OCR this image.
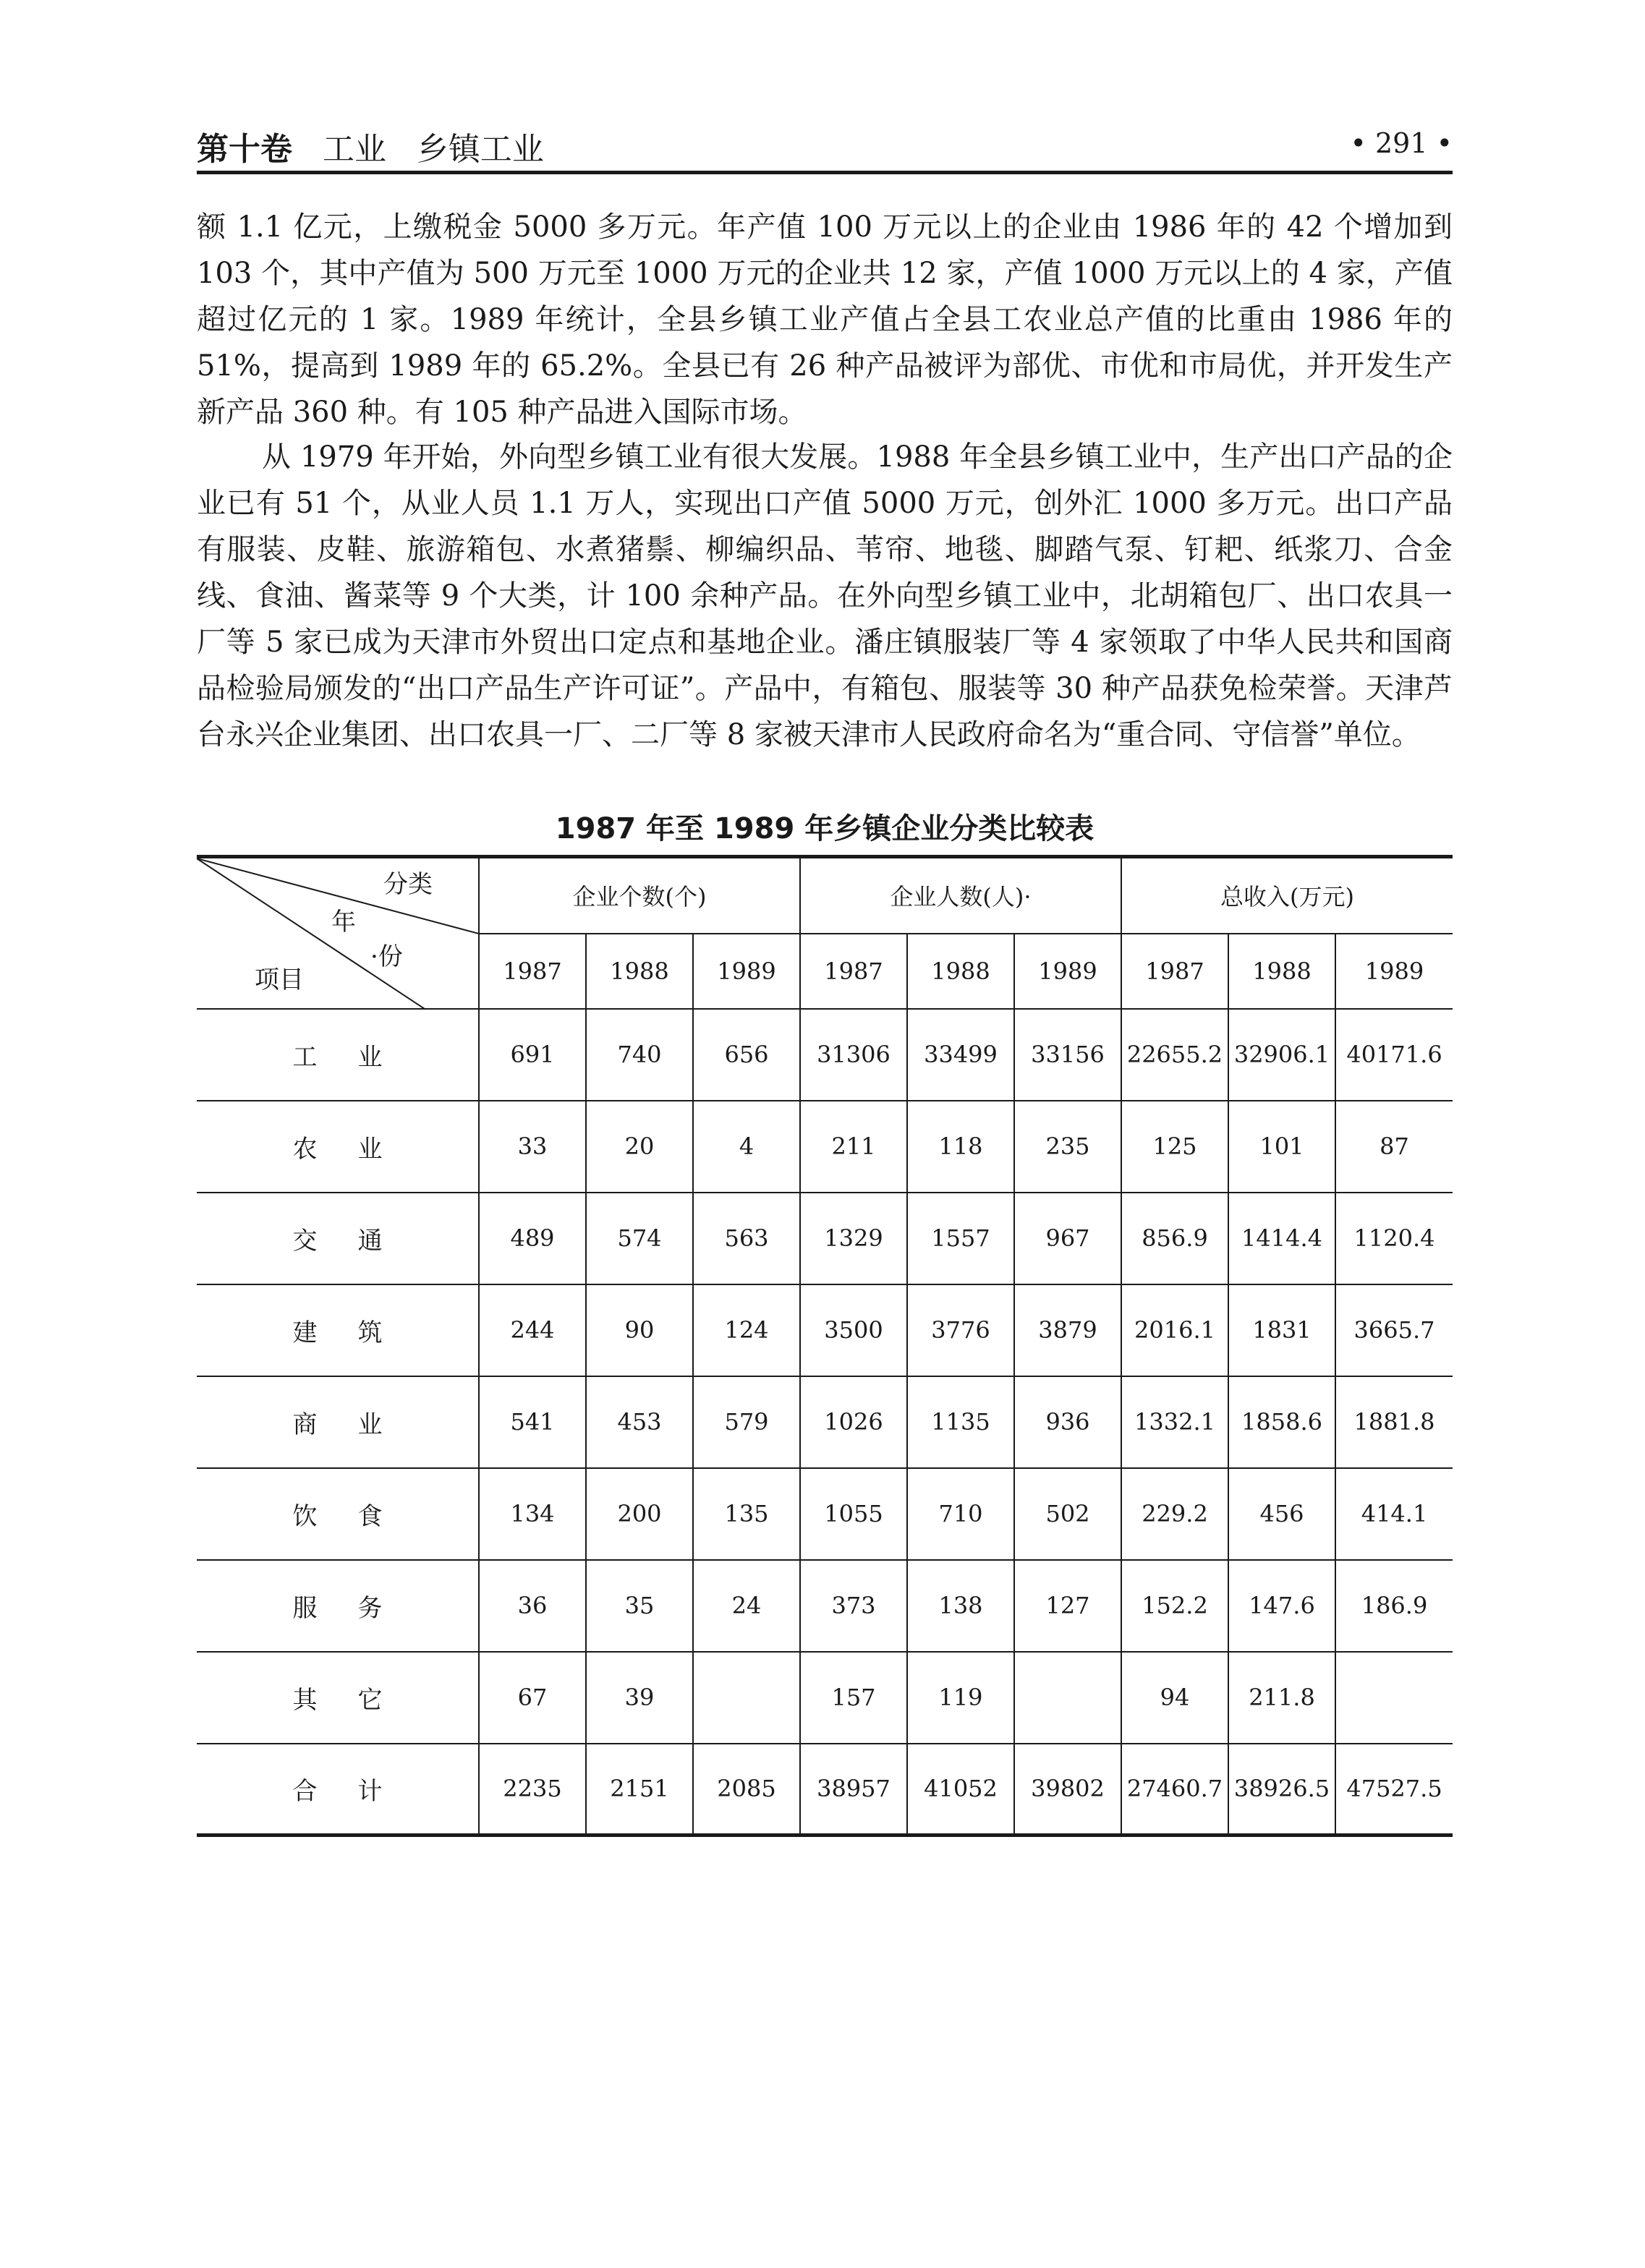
第十卷 工业 乡镇工业	• 291 •

额 1.1 亿元，上缴税金 5000 多万元。年产值 100 万元以上的企业由 1986 年的 42 个增加到 103 个，其中产值为 500 万元至 1000 万元的企业共 12 家，产值 1000 万元以上的 4 家，产值超过亿元的 1 家。1989 年统计，全县乡镇工业产值占全县工农业总产值的比重由 1986 年的 51%，提高到 1989 年的 65.2%。全县已有 26 种产品被评为部优、市优和市局优，并开发生产新产品 360 种。有 105 种产品进入国际市场。

从 1979 年开始，外向型乡镇工业有很大发展。1988 年全县乡镇工业中，生产出口产品的企业已有 51 个，从业人员 1.1 万人，实现出口产值 5000 万元，创外汇 1000 多万元。出口产品有服装、皮鞋、旅游箱包、水煮猪鬃、柳编织品、苇帘、地毯、脚踏气泵、钉耙、纸浆刀、合金线、食油、酱菜等 9 个大类，计 100 余种产品。在外向型乡镇工业中，北胡箱包厂、出口农具一厂等 5 家已成为天津市外贸出口定点和基地企业。潘庄镇服装厂等 4 家领取了中华人民共和国商品检验局颁发的“出口产品生产许可证”。产品中，有箱包、服装等 30 种产品获免检荣誉。天津芦台永兴企业集团、出口农具一厂、二厂等 8 家被天津市人民政府命名为“重合同、守信誉”单位。

1987 年至 1989 年乡镇企业分类比较表
分类
年
·份
项目	企业个数(个)			企业人数(人)·			总收入(万元)		
	1987	1988	1989	1987	1988	1989	1987	1988	1989
工业	691	740	656	31306	33499	33156	22655.2	32906.1	40171.6
农业	33	20	4	211	118	235	125	101	87
交通	489	574	563	1329	1557	967	856.9	1414.4	1120.4
建筑	244	90	124	3500	3776	3879	2016.1	1831	3665.7
商业	541	453	579	1026	1135	936	1332.1	1858.6	1881.8
饮食	134	200	135	1055	710	502	229.2	456	414.1
服务	36	35	24	373	138	127	152.2	147.6	186.9
其它	67	39		157	119		94	211.8	
合计	2235	2151	2085	38957	41052	39802	27460.7	38926.5	47527.5
